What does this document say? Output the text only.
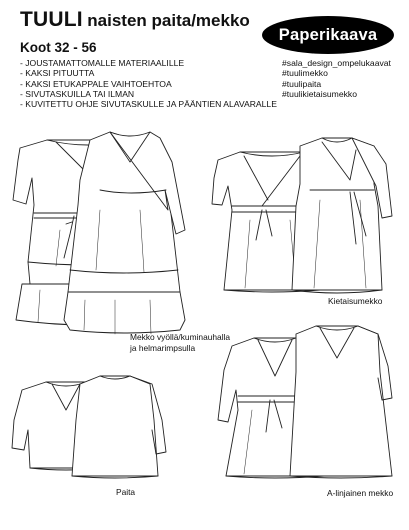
TUULI naisten paita/mekko
Koot 32 - 56
- JOUSTAMATTOMALLE MATERIAALILLE
- KAKSI PITUUTTA
- KAKSI ETUKAPPALE VAIHTOEHTOA
- SIVUTASKUILLA TAI ILMAN
- KUVITETTU OHJE SIVUTASKULLE JA PÄÄNTIEN ALAVARALLE
Paperikaava
#sala_design_ompelukaavat
#tuulimekko
#tuulipaita
#tuulikietaisumekko
Mekko vyöllä/kuminauhalla
ja helmarimpsulla
Kietaisumekko
Paita	A-linjainen mekko
